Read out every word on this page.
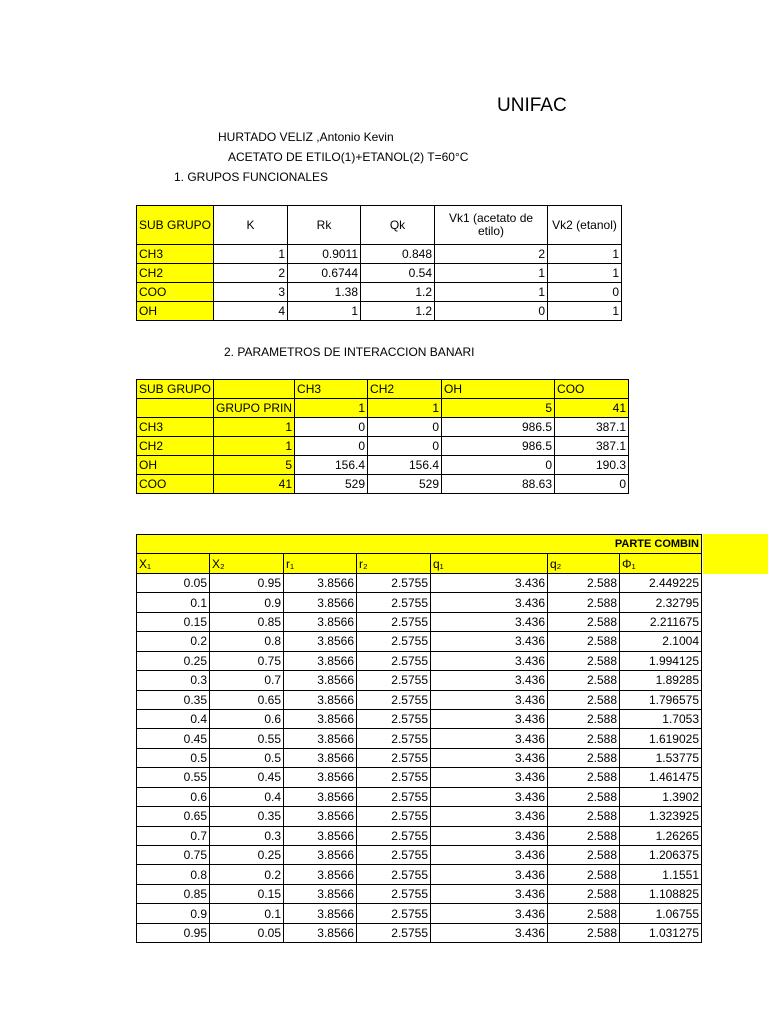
UNIFAC
HURTADO VELIZ ,Antonio Kevin
ACETATO DE ETILO(1)+ETANOL(2) T=60°C
1. GRUPOS FUNCIONALES
SUB GRUPO	K	Rk	Qk	Vk1 (acetato de etilo)	Vk2 (etanol)
CH3	1	0.9011	0.848	2	1
CH2	2	0.6744	0.54	1	1
COO	3	1.38	1.2	1	0
OH	4	1	1.2	0	1
2. PARAMETROS DE INTERACCION BANARI
SUB GRUPO		CH3	CH2	OH	COO
	GRUPO PRIN	1	1	5	41
CH3	1	0	0	986.5	387.1
CH2	1	0	0	986.5	387.1
OH	5	156.4	156.4	0	190.3
COO	41	529	529	88.63	0
PARTE COMBIN						
X₁	X₂	r₁	r₂	q₁	q₂	Φ₁
0.05	0.95	3.8566	2.5755	3.436	2.588	2.449225
0.1	0.9	3.8566	2.5755	3.436	2.588	2.32795
0.15	0.85	3.8566	2.5755	3.436	2.588	2.211675
0.2	0.8	3.8566	2.5755	3.436	2.588	2.1004
0.25	0.75	3.8566	2.5755	3.436	2.588	1.994125
0.3	0.7	3.8566	2.5755	3.436	2.588	1.89285
0.35	0.65	3.8566	2.5755	3.436	2.588	1.796575
0.4	0.6	3.8566	2.5755	3.436	2.588	1.7053
0.45	0.55	3.8566	2.5755	3.436	2.588	1.619025
0.5	0.5	3.8566	2.5755	3.436	2.588	1.53775
0.55	0.45	3.8566	2.5755	3.436	2.588	1.461475
0.6	0.4	3.8566	2.5755	3.436	2.588	1.3902
0.65	0.35	3.8566	2.5755	3.436	2.588	1.323925
0.7	0.3	3.8566	2.5755	3.436	2.588	1.26265
0.75	0.25	3.8566	2.5755	3.436	2.588	1.206375
0.8	0.2	3.8566	2.5755	3.436	2.588	1.1551
0.85	0.15	3.8566	2.5755	3.436	2.588	1.108825
0.9	0.1	3.8566	2.5755	3.436	2.588	1.06755
0.95	0.05	3.8566	2.5755	3.436	2.588	1.031275
